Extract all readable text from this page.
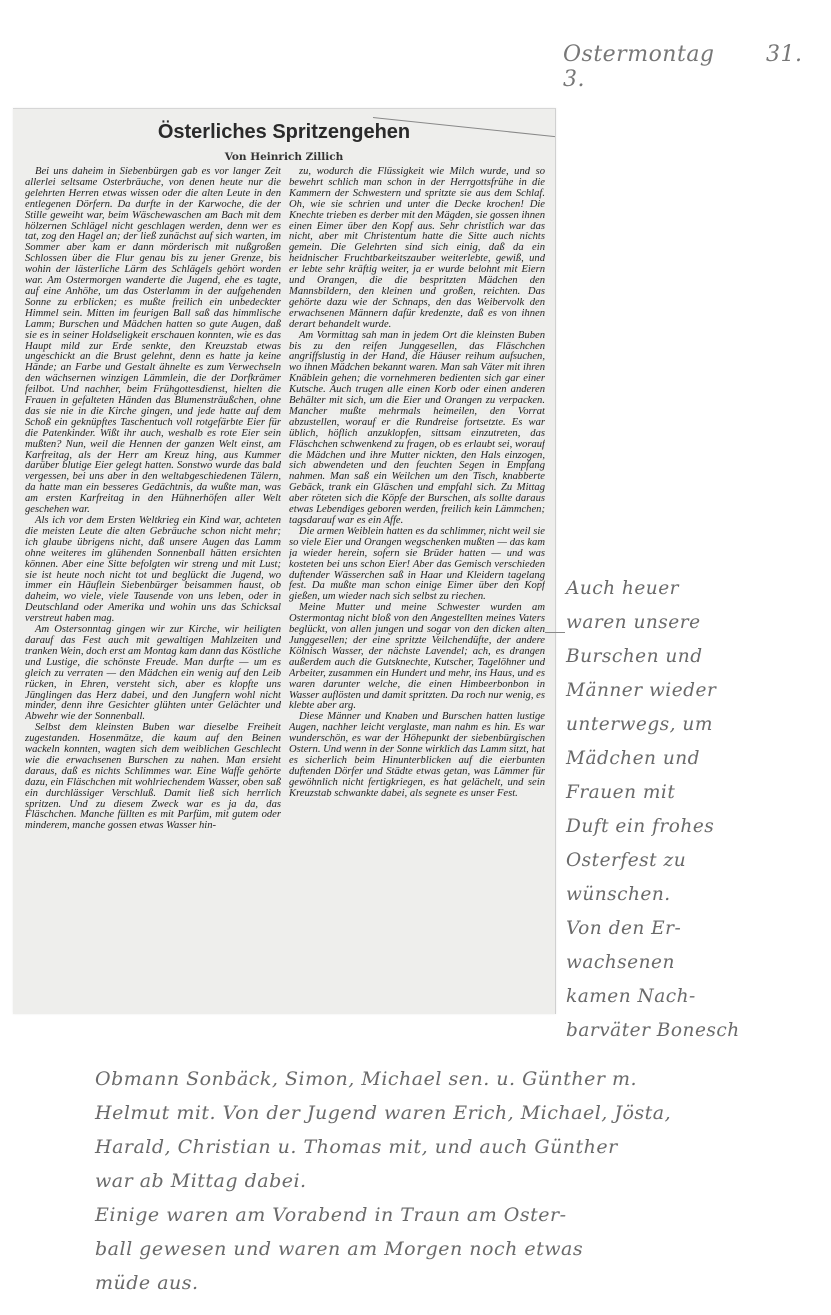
Ostermontag 31. 3.
Österliches Spritzengehen
Von Heinrich Zillich

Bei uns daheim in Siebenbürgen gab es vor langer Zeit allerlei seltsame Osterbräuche, von denen heute nur die gelehrten Herren etwas wissen oder die alten Leute in den entlegenen Dörfern. Da durfte in der Karwoche, die der Stille geweiht war, beim Wäschewaschen am Bach mit dem hölzernen Schlägel nicht geschlagen werden, denn wer es tat, zog den Hagel an; der ließ zunächst auf sich warten, im Sommer aber kam er dann mörderisch mit nußgroßen Schlossen über die Flur genau bis zu jener Grenze, bis wohin der lästerliche Lärm des Schlägels gehört worden war. Am Ostermorgen wanderte die Jugend, ehe es tagte, auf eine Anhöhe, um das Osterlamm in der aufgehenden Sonne zu erblicken; es mußte freilich ein unbedeckter Himmel sein. Mitten im feurigen Ball saß das himmlische Lamm; Burschen und Mädchen hatten so gute Augen, daß sie es in seiner Holdseligkeit erschauen konnten, wie es das Haupt mild zur Erde senkte, den Kreuzstab etwas ungeschickt an die Brust gelehnt, denn es hatte ja keine Hände; an Farbe und Gestalt ähnelte es zum Verwechseln den wächsernen winzigen Lämmlein, die der Dorfkrämer feilbot. Und nachher, beim Frühgottesdienst, hielten die Frauen in gefalteten Händen das Blumensträußchen, ohne das sie nie in die Kirche gingen, und jede hatte auf dem Schoß ein geknüpftes Taschentuch voll rotgefärbte Eier für die Patenkinder. Wißt ihr auch, weshalb es rote Eier sein mußten? Nun, weil die Hennen der ganzen Welt einst, am Karfreitag, als der Herr am Kreuz hing, aus Kummer darüber blutige Eier gelegt hatten. Sonstwo wurde das bald vergessen, bei uns aber in den weltabgeschiedenen Tälern, da hatte man ein besseres Gedächtnis, da wußte man, was am ersten Karfreitag in den Hühnerhöfen aller Welt geschehen war.

Als ich vor dem Ersten Weltkrieg ein Kind war, achteten die meisten Leute die alten Gebräuche schon nicht mehr; ich glaube übrigens nicht, daß unsere Augen das Lamm ohne weiteres im glühenden Sonnenball hätten ersichten können. Aber eine Sitte befolgten wir streng und mit Lust; sie ist heute noch nicht tot und beglückt die Jugend, wo immer ein Häuflein Siebenbürger beisammen haust, ob daheim, wo viele, viele Tausende von uns leben, oder in Deutschland oder Amerika und wohin uns das Schicksal verstreut haben mag.

Am Ostersonntag gingen wir zur Kirche, wir heiligten darauf das Fest auch mit gewaltigen Mahlzeiten und tranken Wein, doch erst am Montag kam dann das Köstliche und Lustige, die schönste Freude. Man durfte — um es gleich zu verraten — den Mädchen ein wenig auf den Leib rücken, in Ehren, versteht sich, aber es klopfte uns Jünglingen das Herz dabei, und den Jungfern wohl nicht minder, denn ihre Gesichter glühten unter Gelächter und Abwehr wie der Sonnenball.

Selbst dem kleinsten Buben war dieselbe Freiheit zugestanden. Hosenmätze, die kaum auf den Beinen wackeln konnten, wagten sich dem weiblichen Geschlecht wie die erwachsenen Burschen zu nahen. Man ersieht daraus, daß es nichts Schlimmes war. Eine Waffe gehörte dazu, ein Fläschchen mit wohlriechendem Wasser, oben saß ein durchlässiger Verschluß. Damit ließ sich herrlich spritzen. Und zu diesem Zweck war es ja da, das Fläschchen. Manche füllten es mit Parfüm, mit gutem oder minderem, manche gossen etwas Wasser hin-

zu, wodurch die Flüssigkeit wie Milch wurde, und so bewehrt schlich man schon in der Herrgottsfrühe in die Kammern der Schwestern und spritzte sie aus dem Schlaf. Oh, wie sie schrien und unter die Decke krochen! Die Knechte trieben es derber mit den Mägden, sie gossen ihnen einen Eimer über den Kopf aus. Sehr christlich war das nicht, aber mit Christentum hatte die Sitte auch nichts gemein. Die Gelehrten sind sich einig, daß da ein heidnischer Fruchtbarkeitszauber weiterlebte, gewiß, und er lebte sehr kräftig weiter, ja er wurde belohnt mit Eiern und Orangen, die die bespritzten Mädchen den Mannsbildern, den kleinen und großen, reichten. Das gehörte dazu wie der Schnaps, den das Weibervolk den erwachsenen Männern dafür kredenzte, daß es von ihnen derart behandelt wurde.

Am Vormittag sah man in jedem Ort die kleinsten Buben bis zu den reifen Junggesellen, das Fläschchen angriffslustig in der Hand, die Häuser reihum aufsuchen, wo ihnen Mädchen bekannt waren. Man sah Väter mit ihren Knäblein gehen; die vornehmeren bedienten sich gar einer Kutsche. Auch trugen alle einen Korb oder einen anderen Behälter mit sich, um die Eier und Orangen zu verpacken. Mancher mußte mehrmals heimeilen, den Vorrat abzustellen, worauf er die Rundreise fortsetzte. Es war üblich, höflich anzuklopfen, sittsam einzutreten, das Fläschchen schwenkend zu fragen, ob es erlaubt sei, worauf die Mädchen und ihre Mutter nickten, den Hals einzogen, sich abwendeten und den feuchten Segen in Empfang nahmen. Man saß ein Weilchen um den Tisch, knabberte Gebäck, trank ein Gläschen und empfahl sich. Zu Mittag aber röteten sich die Köpfe der Burschen, als sollte daraus etwas Lebendiges geboren werden, freilich kein Lämmchen; tagsdarauf war es ein Affe.

Die armen Weiblein hatten es da schlimmer, nicht weil sie so viele Eier und Orangen wegschenken mußten — das kam ja wieder herein, sofern sie Brüder hatten — und was kosteten bei uns schon Eier! Aber das Gemisch verschieden duftender Wässerchen saß in Haar und Kleidern tagelang fest. Da mußte man schon einige Eimer über den Kopf gießen, um wieder nach sich selbst zu riechen.

Meine Mutter und meine Schwester wurden am Ostermontag nicht bloß von den Angestellten meines Vaters beglückt, von allen jungen und sogar von den dicken alten Junggesellen; der eine spritzte Veilchendüfte, der andere Kölnisch Wasser, der nächste Lavendel; ach, es drangen außerdem auch die Gutsknechte, Kutscher, Tagelöhner und Arbeiter, zusammen ein Hundert und mehr, ins Haus, und es waren darunter welche, die einen Himbeerbonbon in Wasser auflösten und damit spritzten. Da roch nur wenig, es klebte aber arg.

Diese Männer und Knaben und Burschen hatten lustige Augen, nachher leicht verglaste, man nahm es hin. Es war wunderschön, es war der Höhepunkt der siebenbürgischen Ostern. Und wenn in der Sonne wirklich das Lamm sitzt, hat es sicherlich beim Hinunterblicken auf die eierbunten duftenden Dörfer und Städte etwas getan, was Lämmer für gewöhnlich nicht fertigkriegen, es hat gelächelt, und sein Kreuzstab schwankte dabei, als segnete es unser Fest.

Auch heuer
waren unsere
Burschen und
Männer wieder
unterwegs, um
Mädchen und
Frauen mit
Duft ein frohes
Osterfest zu
wünschen.
Von den Er-
wachsenen
kamen Nach-
barväter Bonesch
Obmann Sonbäck, Simon, Michael sen. u. Günther m.
Helmut mit. Von der Jugend waren Erich, Michael, Jösta,
Harald, Christian u. Thomas mit, und auch Günther
war ab Mittag dabei.
Einige waren am Vorabend in Traun am Oster-
ball gewesen und waren am Morgen noch etwas
müde aus.
